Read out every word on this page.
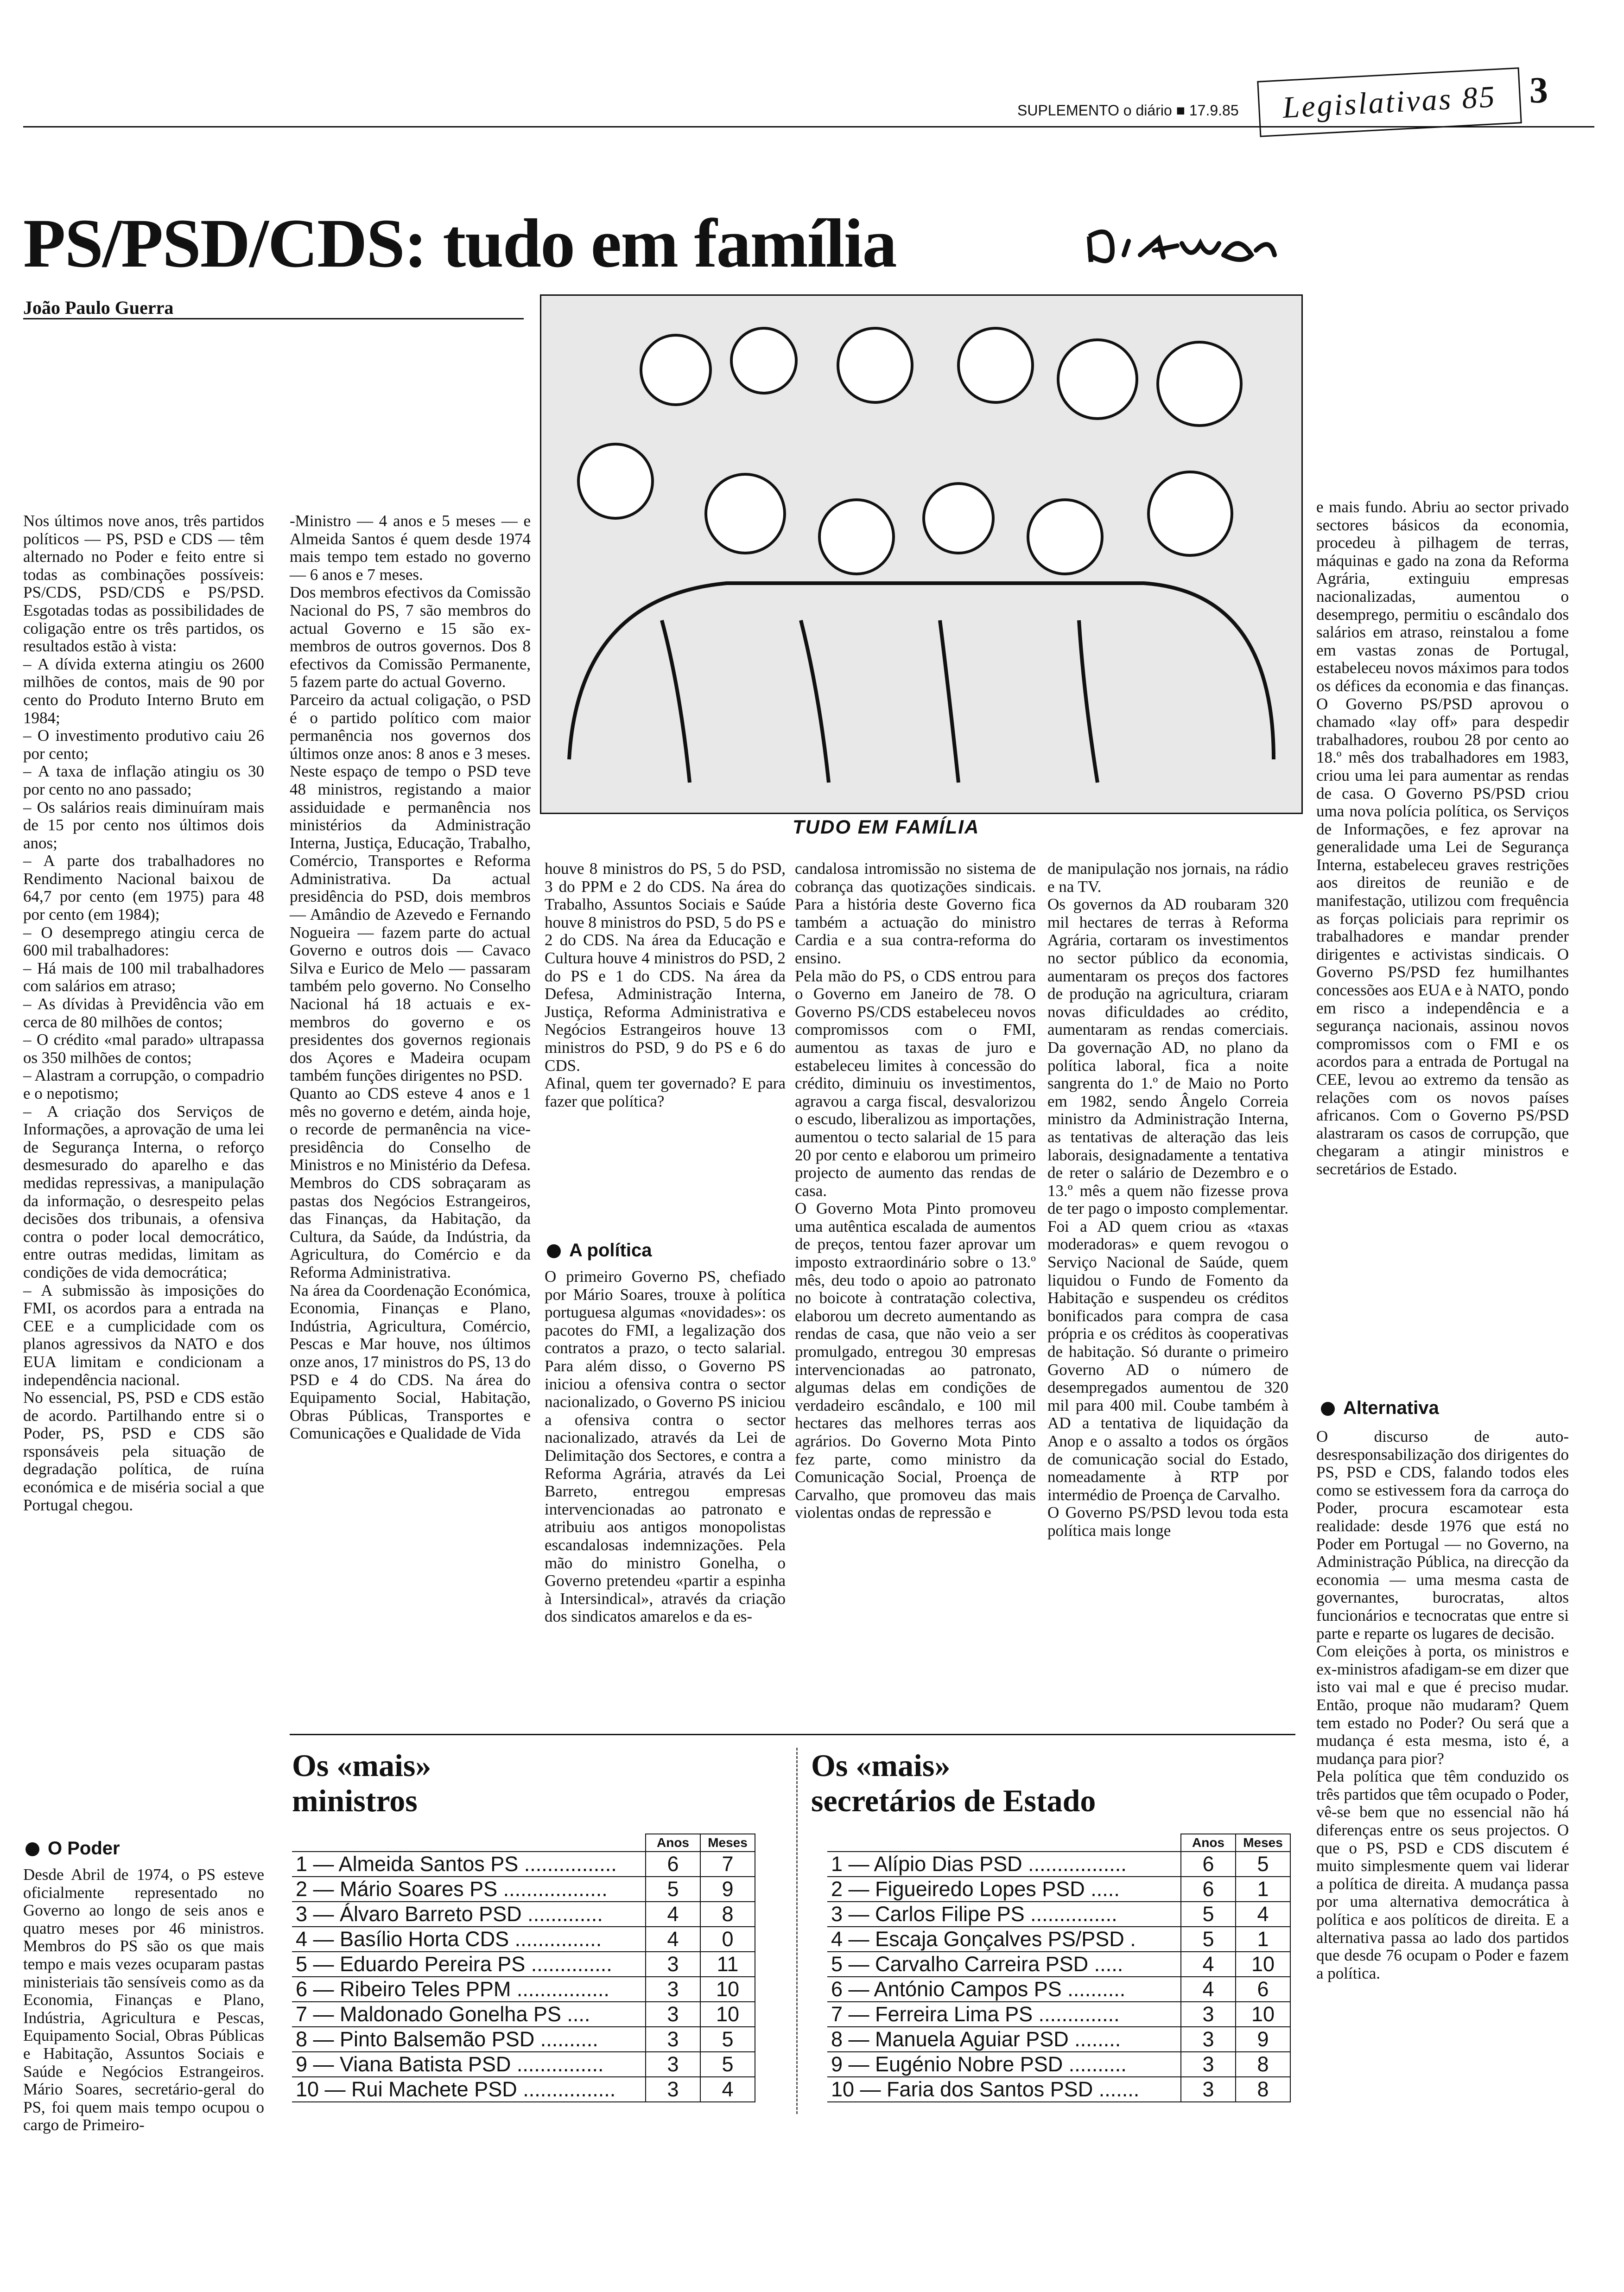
SUPLEMENTO o diário ■ 17.9.85	Legislativas 85 3
PS/PSD/CDS: tudo em família
João Paulo Guerra
TUDO EM FAMÍLIA
Nos últimos nove anos, três partidos políticos — PS, PSD e CDS — têm alternado no Poder e feito entre si todas as combinações possíveis: PS/CDS, PSD/CDS e PS/PSD. Esgotadas todas as possibilidades de coligação entre os três partidos, os resultados estão à vista:
– A dívida externa atingiu os 2600 milhões de contos, mais de 90 por cento do Produto Interno Bruto em 1984;
– O investimento produtivo caiu 26 por cento;
– A taxa de inflação atingiu os 30 por cento no ano passado;
– Os salários reais diminuíram mais de 15 por cento nos últimos dois anos;
– A parte dos trabalhadores no Rendimento Nacional baixou de 64,7 por cento (em 1975) para 48 por cento (em 1984);
– O desemprego atingiu cerca de 600 mil trabalhadores:
– Há mais de 100 mil trabalhadores com salários em atraso;
– As dívidas à Previdência vão em cerca de 80 milhões de contos;
– O crédito «mal parado» ultrapassa os 350 milhões de contos;
– Alastram a corrupção, o compadrio e o nepotismo;
– A criação dos Serviços de Informações, a aprovação de uma lei de Segurança Interna, o reforço desmesurado do aparelho e das medidas repressivas, a manipulação da informação, o desrespeito pelas decisões dos tribunais, a ofensiva contra o poder local democrático, entre outras medidas, limitam as condições de vida democrática;
– A submissão às imposições do FMI, os acordos para a entrada na CEE e a cumplicidade com os planos agressivos da NATO e dos EUA limitam e condicionam a independência nacional.
No essencial, PS, PSD e CDS estão de acordo. Partilhando entre si o Poder, PS, PSD e CDS são rsponsáveis pela situação de degradação política, de ruína económica e de miséria social a que Portugal chegou.
O Poder
Desde Abril de 1974, o PS esteve oficialmente representado no Governo ao longo de seis anos e quatro meses por 46 ministros. Membros do PS são os que mais tempo e mais vezes ocuparam pastas ministeriais tão sensíveis como as da Economia, Finanças e Plano, Indústria, Agricultura e Pescas, Equipamento Social, Obras Públicas e Habitação, Assuntos Sociais e Saúde e Negócios Estrangeiros. Mário Soares, secretário-geral do PS, foi quem mais tempo ocupou o cargo de Primeiro-
-Ministro — 4 anos e 5 meses — e Almeida Santos é quem desde 1974 mais tempo tem estado no governo — 6 anos e 7 meses.
Dos membros efectivos da Comissão Nacional do PS, 7 são membros do actual Governo e 15 são ex-membros de outros governos. Dos 8 efectivos da Comissão Permanente, 5 fazem parte do actual Governo.
Parceiro da actual coligação, o PSD é o partido político com maior permanência nos governos dos últimos onze anos: 8 anos e 3 meses. Neste espaço de tempo o PSD teve 48 ministros, registando a maior assiduidade e permanência nos ministérios da Administração Interna, Justiça, Educação, Trabalho, Comércio, Transportes e Reforma Administrativa. Da actual presidência do PSD, dois membros — Amândio de Azevedo e Fernando Nogueira — fazem parte do actual Governo e outros dois — Cavaco Silva e Eurico de Melo — passaram também pelo governo. No Conselho Nacional há 18 actuais e ex-membros do governo e os presidentes dos governos regionais dos Açores e Madeira ocupam também funções dirigentes no PSD.
Quanto ao CDS esteve 4 anos e 1 mês no governo e detém, ainda hoje, o recorde de permanência na vice-presidência do Conselho de Ministros e no Ministério da Defesa. Membros do CDS sobraçaram as pastas dos Negócios Estrangeiros, das Finanças, da Habitação, da Cultura, da Saúde, da Indústria, da Agricultura, do Comércio e da Reforma Administrativa.
Na área da Coordenação Económica, Economia, Finanças e Plano, Indústria, Agricultura, Comércio, Pescas e Mar houve, nos últimos onze anos, 17 ministros do PS, 13 do PSD e 4 do CDS. Na área do Equipamento Social, Habitação, Obras Públicas, Transportes e Comunicações e Qualidade de Vida
houve 8 ministros do PS, 5 do PSD, 3 do PPM e 2 do CDS. Na área do Trabalho, Assuntos Sociais e Saúde houve 8 ministros do PSD, 5 do PS e 2 do CDS. Na área da Educação e Cultura houve 4 ministros do PSD, 2 do PS e 1 do CDS. Na área da Defesa, Administração Interna, Justiça, Reforma Administrativa e Negócios Estrangeiros houve 13 ministros do PSD, 9 do PS e 6 do CDS.
Afinal, quem ter governado? E para fazer que política?
A política
O primeiro Governo PS, chefiado por Mário Soares, trouxe à política portuguesa algumas «novidades»: os pacotes do FMI, a legalização dos contratos a prazo, o tecto salarial. Para além disso, o Governo PS iniciou a ofensiva contra o sector nacionalizado, o Governo PS iniciou a ofensiva contra o sector nacionalizado, através da Lei de Delimitação dos Sectores, e contra a Reforma Agrária, através da Lei Barreto, entregou empresas intervencionadas ao patronato e atribuiu aos antigos monopolistas escandalosas indemnizações. Pela mão do ministro Gonelha, o Governo pretendeu «partir a espinha à Intersindical», através da criação dos sindicatos amarelos e da es-
candalosa intromissão no sistema de cobrança das quotizações sindicais. Para a história deste Governo fica também a actuação do ministro Cardia e a sua contra-reforma do ensino.
Pela mão do PS, o CDS entrou para o Governo em Janeiro de 78. O Governo PS/CDS estabeleceu novos compromissos com o FMI, aumentou as taxas de juro e estabeleceu limites à concessão do crédito, diminuiu os investimentos, agravou a carga fiscal, desvalorizou o escudo, liberalizou as importações, aumentou o tecto salarial de 15 para 20 por cento e elaborou um primeiro projecto de aumento das rendas de casa.
O Governo Mota Pinto promoveu uma autêntica escalada de aumentos de preços, tentou fazer aprovar um imposto extraordinário sobre o 13.º mês, deu todo o apoio ao patronato no boicote à contratação colectiva, elaborou um decreto aumentando as rendas de casa, que não veio a ser promulgado, entregou 30 empresas intervencionadas ao patronato, algumas delas em condições de verdadeiro escândalo, e 100 mil hectares das melhores terras aos agrários. Do Governo Mota Pinto fez parte, como ministro da Comunicação Social, Proença de Carvalho, que promoveu das mais violentas ondas de repressão e
de manipulação nos jornais, na rádio e na TV.
Os governos da AD roubaram 320 mil hectares de terras à Reforma Agrária, cortaram os investimentos no sector público da economia, aumentaram os preços dos factores de produção na agricultura, criaram novas dificuldades ao crédito, aumentaram as rendas comerciais. Da governação AD, no plano da política laboral, fica a noite sangrenta do 1.º de Maio no Porto em 1982, sendo Ângelo Correia ministro da Administração Interna, as tentativas de alteração das leis laborais, designadamente a tentativa de reter o salário de Dezembro e o 13.º mês a quem não fizesse prova de ter pago o imposto complementar. Foi a AD quem criou as «taxas moderadoras» e quem revogou o Serviço Nacional de Saúde, quem liquidou o Fundo de Fomento da Habitação e suspendeu os créditos bonificados para compra de casa própria e os créditos às cooperativas de habitação. Só durante o primeiro Governo AD o número de desempregados aumentou de 320 mil para 400 mil. Coube também à AD a tentativa de liquidação da Anop e o assalto a todos os órgãos de comunicação social do Estado, nomeadamente à RTP por intermédio de Proença de Carvalho.
O Governo PS/PSD levou toda esta política mais longe
e mais fundo. Abriu ao sector privado sectores básicos da economia, procedeu à pilhagem de terras, máquinas e gado na zona da Reforma Agrária, extinguiu empresas nacionalizadas, aumentou o desemprego, permitiu o escândalo dos salários em atraso, reinstalou a fome em vastas zonas de Portugal, estabeleceu novos máximos para todos os défices da economia e das finanças. O Governo PS/PSD aprovou o chamado «lay off» para despedir trabalhadores, roubou 28 por cento ao 18.º mês dos trabalhadores em 1983, criou uma lei para aumentar as rendas de casa. O Governo PS/PSD criou uma nova polícia política, os Serviços de Informações, e fez aprovar na generalidade uma Lei de Segurança Interna, estabeleceu graves restrições aos direitos de reunião e de manifestação, utilizou com frequência as forças policiais para reprimir os trabalhadores e mandar prender dirigentes e activistas sindicais. O Governo PS/PSD fez humilhantes concessões aos EUA e à NATO, pondo em risco a independência e a segurança nacionais, assinou novos compromissos com o FMI e os acordos para a entrada de Portugal na CEE, levou ao extremo da tensão as relações com os novos países africanos. Com o Governo PS/PSD alastraram os casos de corrupção, que chegaram a atingir ministros e secretários de Estado.
Alternativa
O discurso de auto-desresponsabilização dos dirigentes do PS, PSD e CDS, falando todos eles como se estivessem fora da carroça do Poder, procura escamotear esta realidade: desde 1976 que está no Poder em Portugal — no Governo, na Administração Pública, na direcção da economia — uma mesma casta de governantes, burocratas, altos funcionários e tecnocratas que entre si parte e reparte os lugares de decisão.
Com eleições à porta, os ministros e ex-ministros afadigam-se em dizer que isto vai mal e que é preciso mudar. Então, proque não mudaram? Quem tem estado no Poder? Ou será que a mudança é esta mesma, isto é, a mudança para pior?
Pela política que têm conduzido os três partidos que têm ocupado o Poder, vê-se bem que no essencial não há diferenças entre os seus projectos. O que o PS, PSD e CDS discutem é muito simplesmente quem vai liderar a política de direita. A mudança passa por uma alternativa democrática à política e aos políticos de direita. E a alternativa passa ao lado dos partidos que desde 76 ocupam o Poder e fazem a política.
Os «mais»
ministros
	Anos	Meses
1 — Almeida Santos PS ................	6	7
2 — Mário Soares PS ..................	5	9
3 — Álvaro Barreto PSD .............	4	8
4 — Basílio Horta CDS ...............	4	0
5 — Eduardo Pereira PS ..............	3	11
6 — Ribeiro Teles PPM ................	3	10
7 — Maldonado Gonelha PS ....	3	10
8 — Pinto Balsemão PSD ..........	3	5
9 — Viana Batista PSD ...............	3	5
10 — Rui Machete PSD ................	3	4
Os «mais»
secretários de Estado
	Anos	Meses
1 — Alípio Dias PSD .................	6	5
2 — Figueiredo Lopes PSD .....	6	1
3 — Carlos Filipe PS ...............	5	4
4 — Escaja Gonçalves PS/PSD .	5	1
5 — Carvalho Carreira PSD .....	4	10
6 — António Campos PS ..........	4	6
7 — Ferreira Lima PS ..............	3	10
8 — Manuela Aguiar PSD ........	3	9
9 — Eugénio Nobre PSD ..........	3	8
10 — Faria dos Santos PSD .......	3	8
